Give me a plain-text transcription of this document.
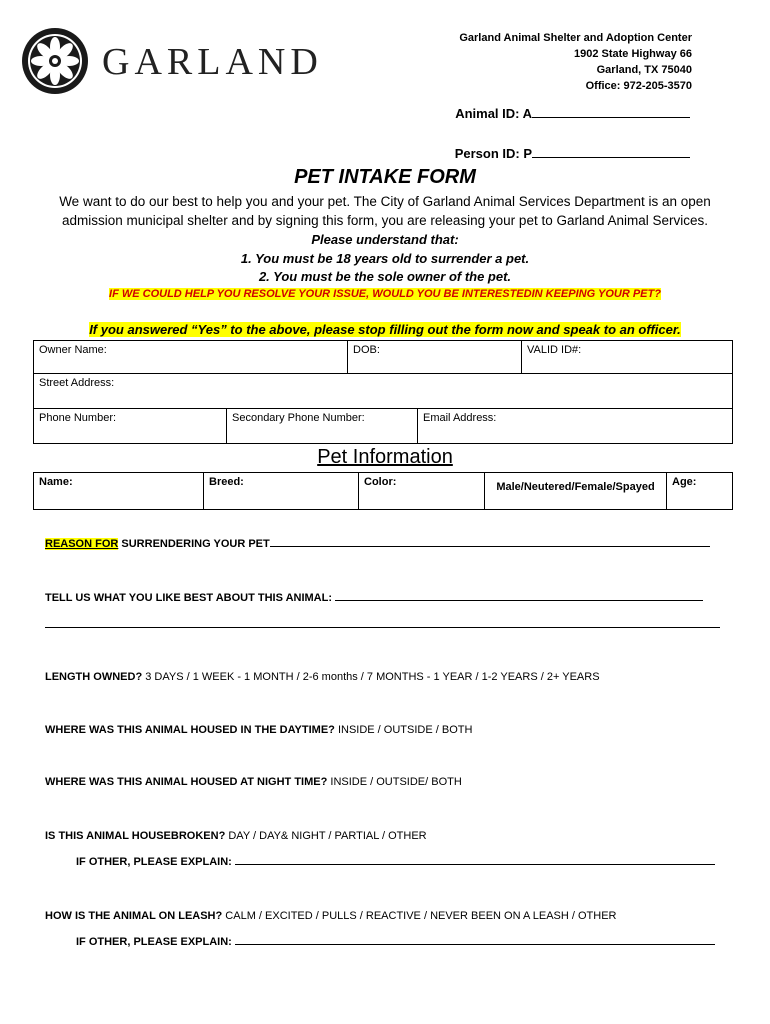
GARLAND
Garland Animal Shelter and Adoption Center
1902 State Highway 66
Garland, TX 75040
Office: 972-205-3570
Animal ID: A
Person ID: P
PET INTAKE FORM
We want to do our best to help you and your pet. The City of Garland Animal Services Department is an open admission municipal shelter and by signing this form, you are releasing your pet to Garland Animal Services.
Please understand that:
1. You must be 18 years old to surrender a pet.
2. You must be the sole owner of the pet.
IF WE COULD HELP YOU RESOLVE YOUR ISSUE, WOULD YOU BE INTERESTEDIN KEEPING YOUR PET?
If you answered “Yes” to the above, please stop filling out the form now and speak to an officer.
Owner Name:	DOB:	VALID ID#:
Street Address:
Phone Number:	Secondary Phone Number:	Email Address:
Pet Information
Name:	Breed:	Color:	Male/Neutered/Female/Spayed	Age:
REASON FOR SURRENDERING YOUR PET
TELL US WHAT YOU LIKE BEST ABOUT THIS ANIMAL:
LENGTH OWNED? 3 DAYS / 1 WEEK - 1 MONTH / 2-6 months / 7 MONTHS - 1 YEAR / 1-2 YEARS / 2+ YEARS
WHERE WAS THIS ANIMAL HOUSED IN THE DAYTIME? INSIDE / OUTSIDE / BOTH
WHERE WAS THIS ANIMAL HOUSED AT NIGHT TIME? INSIDE / OUTSIDE/ BOTH
IS THIS ANIMAL HOUSEBROKEN? DAY / DAY& NIGHT / PARTIAL / OTHER
IF OTHER, PLEASE EXPLAIN:
HOW IS THE ANIMAL ON LEASH? CALM / EXCITED / PULLS / REACTIVE / NEVER BEEN ON A LEASH / OTHER
IF OTHER, PLEASE EXPLAIN:
